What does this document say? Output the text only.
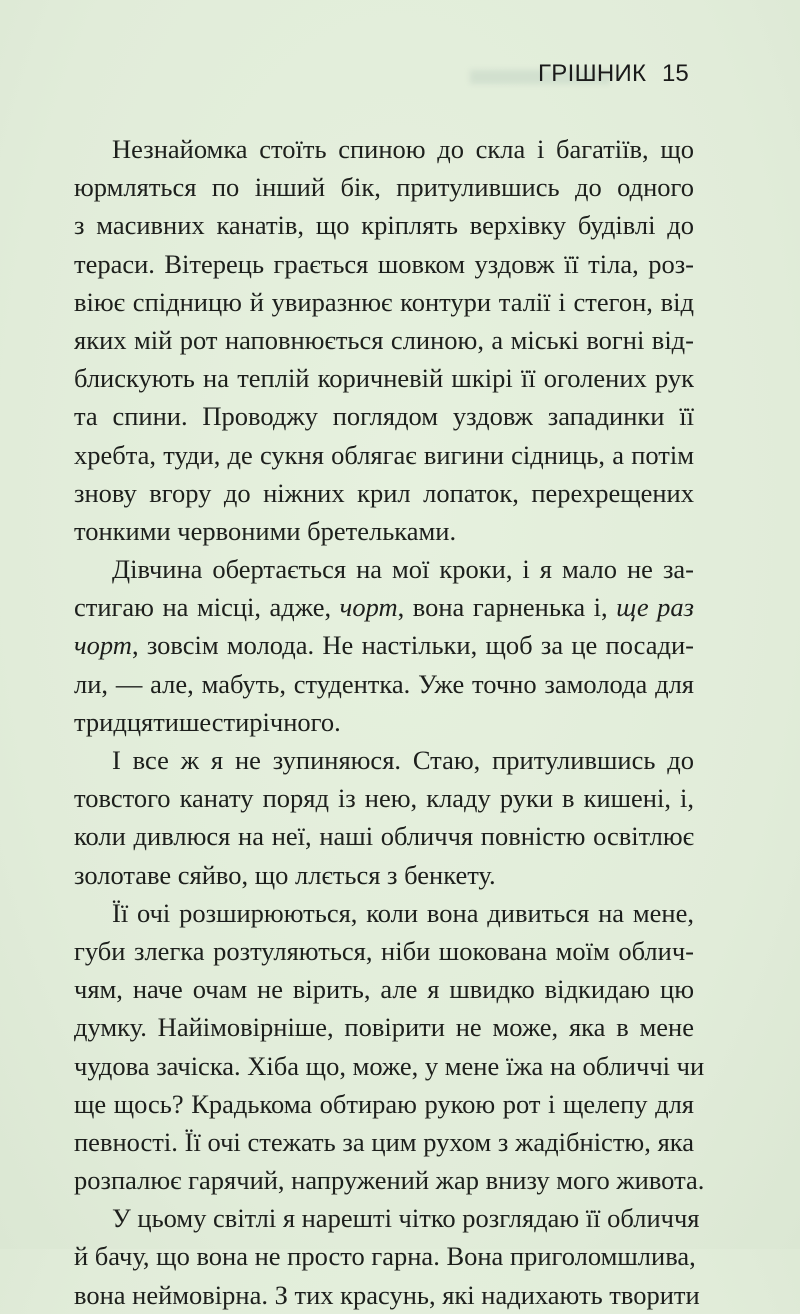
ГРІШНИК 15
Незнайомка стоїть спиною до скла і багатіїв, що
юрмляться по інший бік, притулившись до одного
з масивних канатів, що кріплять верхівку будівлі до
тераси. Вітерець грається шовком уздовж її тіла, роз-
віює спідницю й увиразнює контури талії і стегон, від
яких мій рот наповнюється слиною, а міські вогні від-
блискують на теплій коричневій шкірі її оголених рук
та спини. Проводжу поглядом уздовж западинки її
хребта, туди, де сукня облягає вигини сідниць, а потім
знову вгору до ніжних крил лопаток, перехрещених
тонкими червоними бретельками.
Дівчина обертається на мої кроки, і я мало не за-
стигаю на місці, адже, чорт, вона гарненька і, ще раз
чорт, зовсім молода. Не настільки, щоб за це посади-
ли, — але, мабуть, студентка. Уже точно замолода для
тридцятишестирічного.
І все ж я не зупиняюся. Стаю, притулившись до
товстого канату поряд із нею, кладу руки в кишені, і,
коли дивлюся на неї, наші обличчя повністю освітлює
золотаве сяйво, що ллється з бенкету.
Її очі розширюються, коли вона дивиться на мене,
губи злегка розтуляються, ніби шокована моїм облич-
чям, наче очам не вірить, але я швидко відкидаю цю
думку. Найімовірніше, повірити не може, яка в мене
чудова зачіска. Хіба що, може, у мене їжа на обличчі чи
ще щось? Крадькома обтираю рукою рот і щелепу для
певності. Її очі стежать за цим рухом з жадібністю, яка
розпалює гарячий, напружений жар внизу мого живота.
У цьому світлі я нарешті чітко розглядаю її обличчя
й бачу, що вона не просто гарна. Вона приголомшлива,
вона неймовірна. З тих красунь, які надихають творити
